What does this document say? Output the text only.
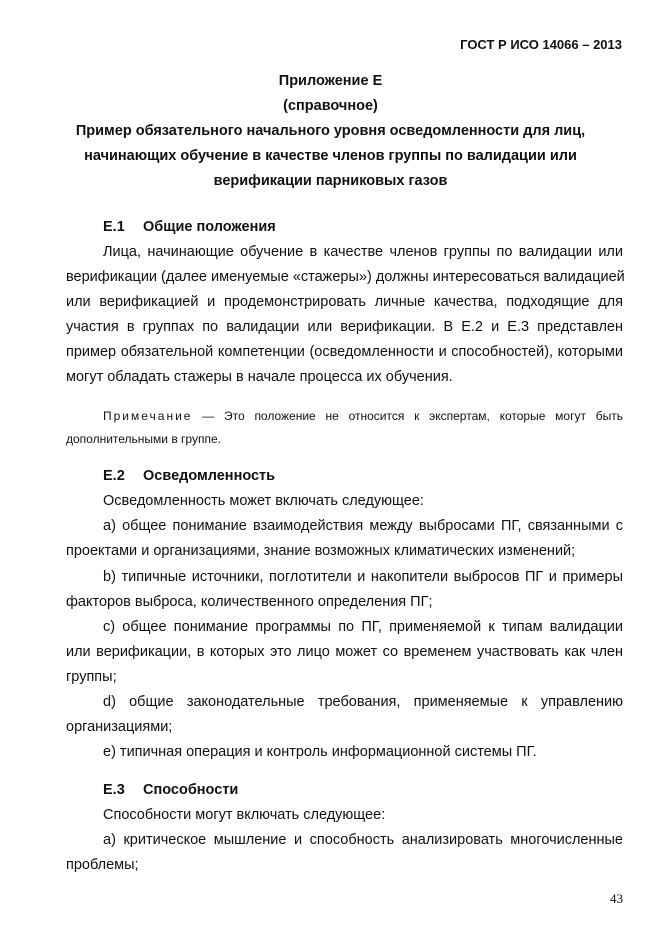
ГОСТ Р ИСО 14066 – 2013
Приложение Е
(справочное)
Пример обязательного начального уровня осведомленности для лиц,
начинающих обучение в качестве членов группы по валидации или
верификации парниковых газов
Е.1 Общие положения
Лица, начинающие обучение в качестве членов группы по валидации или
верификации (далее именуемые «стажеры») должны интересоваться валидацией
или верификацией и продемонстрировать личные качества, подходящие для
участия в группах по валидации или верификации. В Е.2 и Е.3 представлен
пример обязательной компетенции (осведомленности и способностей), которыми
могут обладать стажеры в начале процесса их обучения.
Примечание — Это положение не относится к экспертам, которые могут быть
дополнительными в группе.
Е.2 Осведомленность
Осведомленность может включать следующее:
а) общее понимание взаимодействия между выбросами ПГ, связанными с
проектами и организациями, знание возможных климатических изменений;
b) типичные источники, поглотители и накопители выбросов ПГ и примеры
факторов выброса, количественного определения ПГ;
c) общее понимание программы по ПГ, применяемой к типам валидации
или верификации, в которых это лицо может со временем участвовать как член
группы;
d) общие законодательные требования, применяемые к управлению
организациями;
e) типичная операция и контроль информационной системы ПГ.
Е.3 Способности
Способности могут включать следующее:
а) критическое мышление и способность анализировать многочисленные
проблемы;
43
